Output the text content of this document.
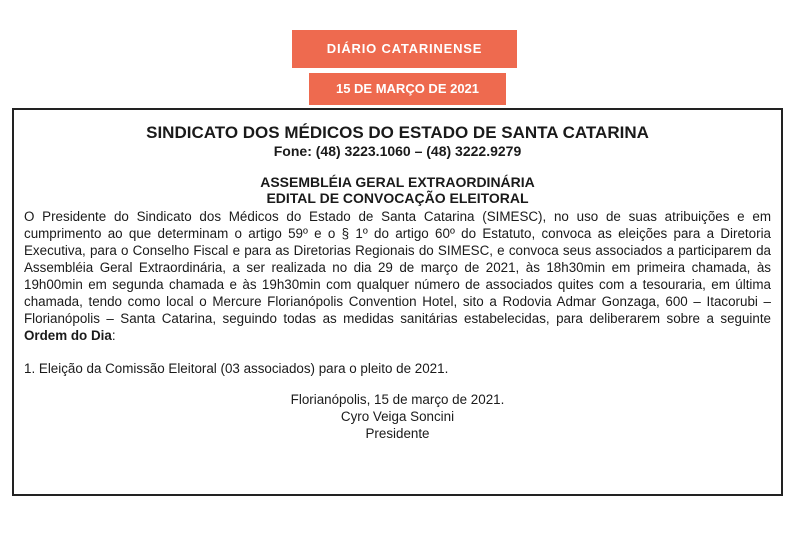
DIÁRIO CATARINENSE
15 DE MARÇO DE 2021
SINDICATO DOS MÉDICOS DO ESTADO DE SANTA CATARINA
Fone: (48) 3223.1060 – (48) 3222.9279
ASSEMBLÉIA GERAL EXTRAORDINÁRIA
EDITAL DE CONVOCAÇÃO ELEITORAL

O Presidente do Sindicato dos Médicos do Estado de Santa Catarina (SIMESC), no uso de suas atribuições e em cumprimento ao que determinam o artigo 59º e o § 1º do artigo 60º do Estatuto, convoca as eleições para a Diretoria Executiva, para o Conselho Fiscal e para as Diretorias Regionais do SIMESC, e convoca seus associados a participarem da Assembléia Geral Extraordinária, a ser realizada no dia 29 de março de 2021, às 18h30min em primeira chamada, às 19h00min em segunda chamada e às 19h30min com qualquer número de associados quites com a tesouraria, em última chamada, tendo como local o Mercure Florianópolis Convention Hotel, sito a Rodovia Admar Gonzaga, 600 – Itacorubi – Florianópolis – Santa Catarina, seguindo todas as medidas sanitárias estabelecidas, para deliberarem sobre a seguinte Ordem do Dia:

1. Eleição da Comissão Eleitoral (03 associados) para o pleito de 2021.
Florianópolis, 15 de março de 2021.
Cyro Veiga Soncini
Presidente
